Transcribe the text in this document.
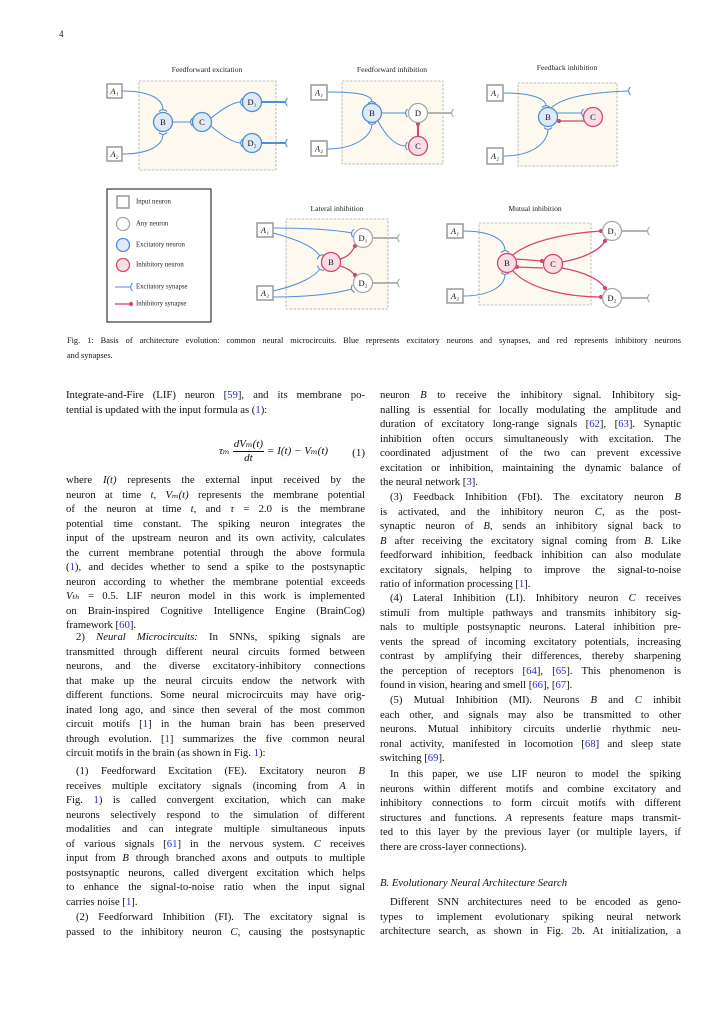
4
Feedforward excitation
A₁
A₂
B	C
D₁
D₂
Feedforward inhibition
A₁
A₂
B	D
C
Feedback inhibition
A₁
A₂
B	C
Input neuron
Any neuron
Excitatory neuron
Inhibitory neuron
Excitatory synapse
Inhibitory synapse
Lateral inhibition
A₁
A₂
B
D₁
D₂
Mutual inhibition
A₁
A₂
B	C
D₁
D₂
Fig. 1: Basis of architecture evolution: common neural microcircuits. Blue represents excitatory neurons and synapses, and red represents inhibitory neurons
and synapses.
Integrate-and-Fire (LIF) neuron [59], and its membrane po-
tential is updated with the input formula as (1):
τₘ $\frac{\text{dVₘ(t)}}{dt} = I(t) - V_m(t)$ (1)
where I(t) represents the external input received by the
neuron at time t, Vₘ(t) represents the membrane potential
of the neuron at time t, and τ = 2.0 is the membrane
potential time constant. The spiking neuron integrates the
input of the upstream neuron and its own activity, calculates
the current membrane potential through the above formula
(1), and decides whether to send a spike to the postsynaptic
neuron according to whether the membrane potential exceeds
Vₜₕ = 0.5. LIF neuron model in this work is implemented
on Brain-inspired Cognitive Intelligence Engine (BrainCog)
framework [60].
2) Neural Microcircuits: In SNNs, spiking signals are
transmitted through different neural circuits formed between
neurons, and the diverse excitatory-inhibitory connections
that make up the neural circuits endow the network with
different functions. Some neural microcircuits may have orig-
inated long ago, and since then several of the most common
circuit motifs [1] in the human brain has been preserved
through evolution. [1] summarizes the five common neural
circuit motifs in the brain (as shown in Fig. 1):
(1) Feedforward Excitation (FE). Excitatory neuron B
receives multiple excitatory signals (incoming from A in
Fig. 1) is called convergent excitation, which can make
neurons selectively respond to the simulation of different
modalities and can integrate multiple simultaneous inputs
of various signals [61] in the nervous system. C receives
input from B through branched axons and outputs to multiple
postsynaptic neurons, called divergent excitation which helps
to enhance the signal-to-noise ratio when the input signal
carries noise [1].
(2) Feedforward Inhibition (FI). The excitatory signal is
passed to the inhibitory neuron C, causing the postsynaptic
neuron B to receive the inhibitory signal. Inhibitory sig-
nalling is essential for locally modulating the amplitude and
duration of excitatory long-range signals [62], [63]. Synaptic
inhibition often occurs simultaneously with excitation. The
coordinated adjustment of the two can prevent excessive
excitation or inhibition, maintaining the dynamic balance of
the neural network [3].
(3) Feedback Inhibition (FbI). The excitatory neuron B
is activated, and the inhibitory neuron C, as the post-
synaptic neuron of B, sends an inhibitory signal back to
B after receiving the excitatory signal coming from B. Like
feedforward inhibition, feedback inhibition can also modulate
excitatory signals, helping to improve the signal-to-noise
ratio of information processing [1].
(4) Lateral Inhibition (LI). Inhibitory neuron C receives
stimuli from multiple pathways and transmits inhibitory sig-
nals to multiple postsynaptic neurons. Lateral inhibition pre-
vents the spread of incoming excitatory potentials, increasing
contrast by amplifying their differences, thereby sharpening
the perception of receptors [64], [65]. This phenomenon is
found in vision, hearing and smell [66], [67].
(5) Mutual Inhibition (MI). Neurons B and C inhibit
each other, and signals may also be transmitted to other
neurons. Mutual inhibitory circuits underlie rhythmic neu-
ronal activity, manifested in locomotion [68] and sleep state
switching [69].
In this paper, we use LIF neuron to model the spiking
neurons within different motifs and combine excitatory and
inhibitory connections to form circuit motifs with different
structures and functions. A represents feature maps transmit-
ted to this layer by the previous layer (or multiple layers, if
there are cross-layer connections).
B. Evolutionary Neural Architecture Search
Different SNN architectures need to be encoded as geno-
types to implement evolutionary spiking neural network
architecture search, as shown in Fig. 2b. At initialization, a
